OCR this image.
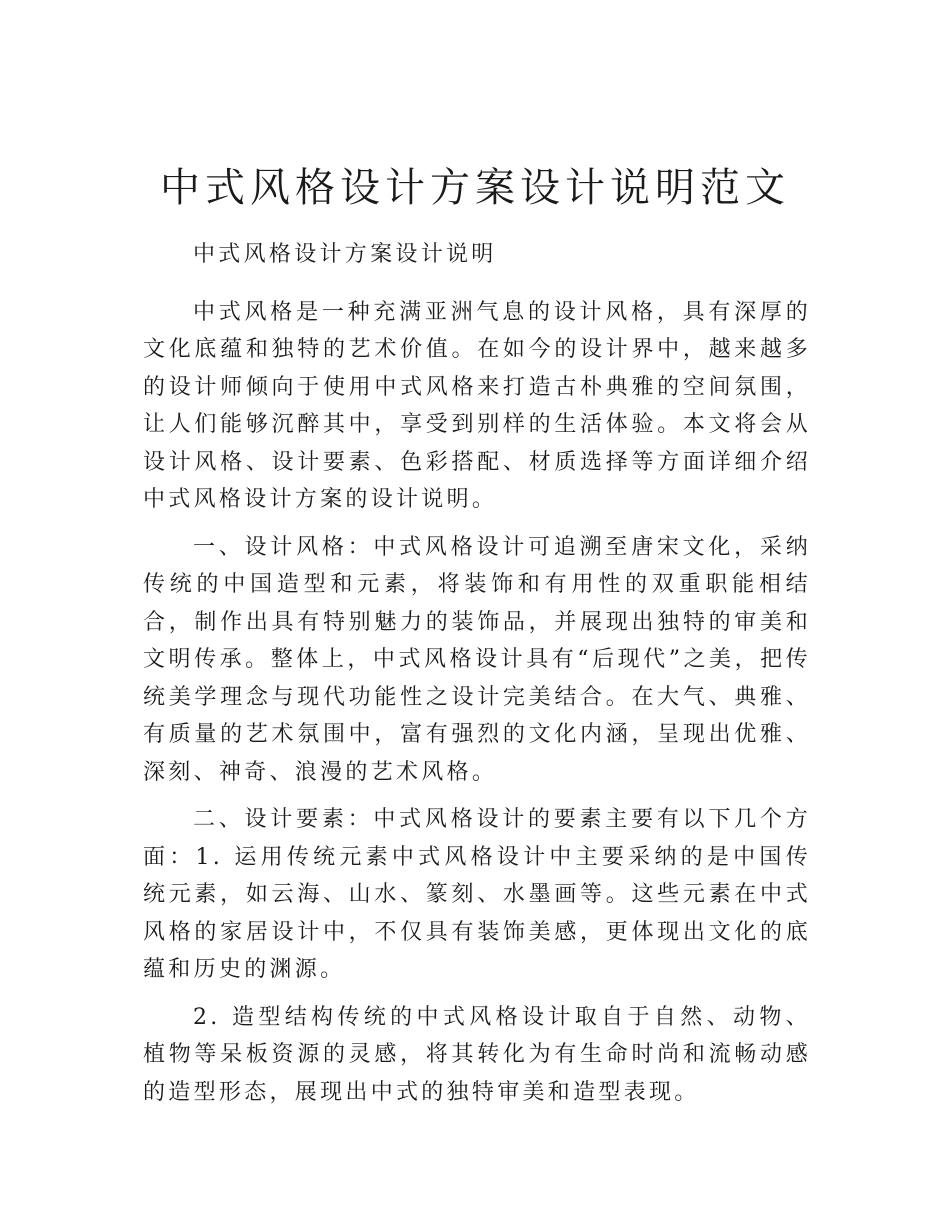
中式风格设计方案设计说明范文

中式风格设计方案设计说明

中式风格是一种充满亚洲气息的设计风格，具有深厚的文化底蕴和独特的艺术价值。在如今的设计界中，越来越多的设计师倾向于使用中式风格来打造古朴典雅的空间氛围，让人们能够沉醉其中，享受到别样的生活体验。本文将会从设计风格、设计要素、色彩搭配、材质选择等方面详细介绍中式风格设计方案的设计说明。

一、设计风格：中式风格设计可追溯至唐宋文化，采纳传统的中国造型和元素，将装饰和有用性的双重职能相结合，制作出具有特别魅力的装饰品，并展现出独特的审美和文明传承。整体上，中式风格设计具有“后现代”之美，把传统美学理念与现代功能性之设计完美结合。在大气、典雅、有质量的艺术氛围中，富有强烈的文化内涵，呈现出优雅、深刻、神奇、浪漫的艺术风格。

二、设计要素：中式风格设计的要素主要有以下几个方面：1. 运用传统元素中式风格设计中主要采纳的是中国传统元素，如云海、山水、篆刻、水墨画等。这些元素在中式风格的家居设计中，不仅具有装饰美感，更体现出文化的底蕴和历史的渊源。

2. 造型结构传统的中式风格设计取自于自然、动物、植物等呆板资源的灵感，将其转化为有生命时尚和流畅动感的造型形态，展现出中式的独特审美和造型表现。
